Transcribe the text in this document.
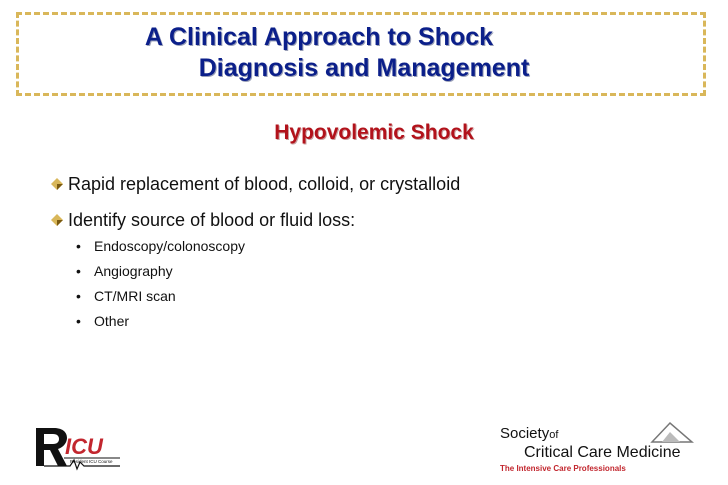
A Clinical Approach to Shock
Diagnosis and Management
Hypovolemic Shock
Rapid replacement of blood, colloid, or crystalloid
Identify source of blood or fluid loss:
• Endoscopy/colonoscopy
• Angiography
• CT/MRI scan
• Other
ICU
Resident ICU Course
Societyof
Critical Care Medicine
The Intensive Care Professionals
